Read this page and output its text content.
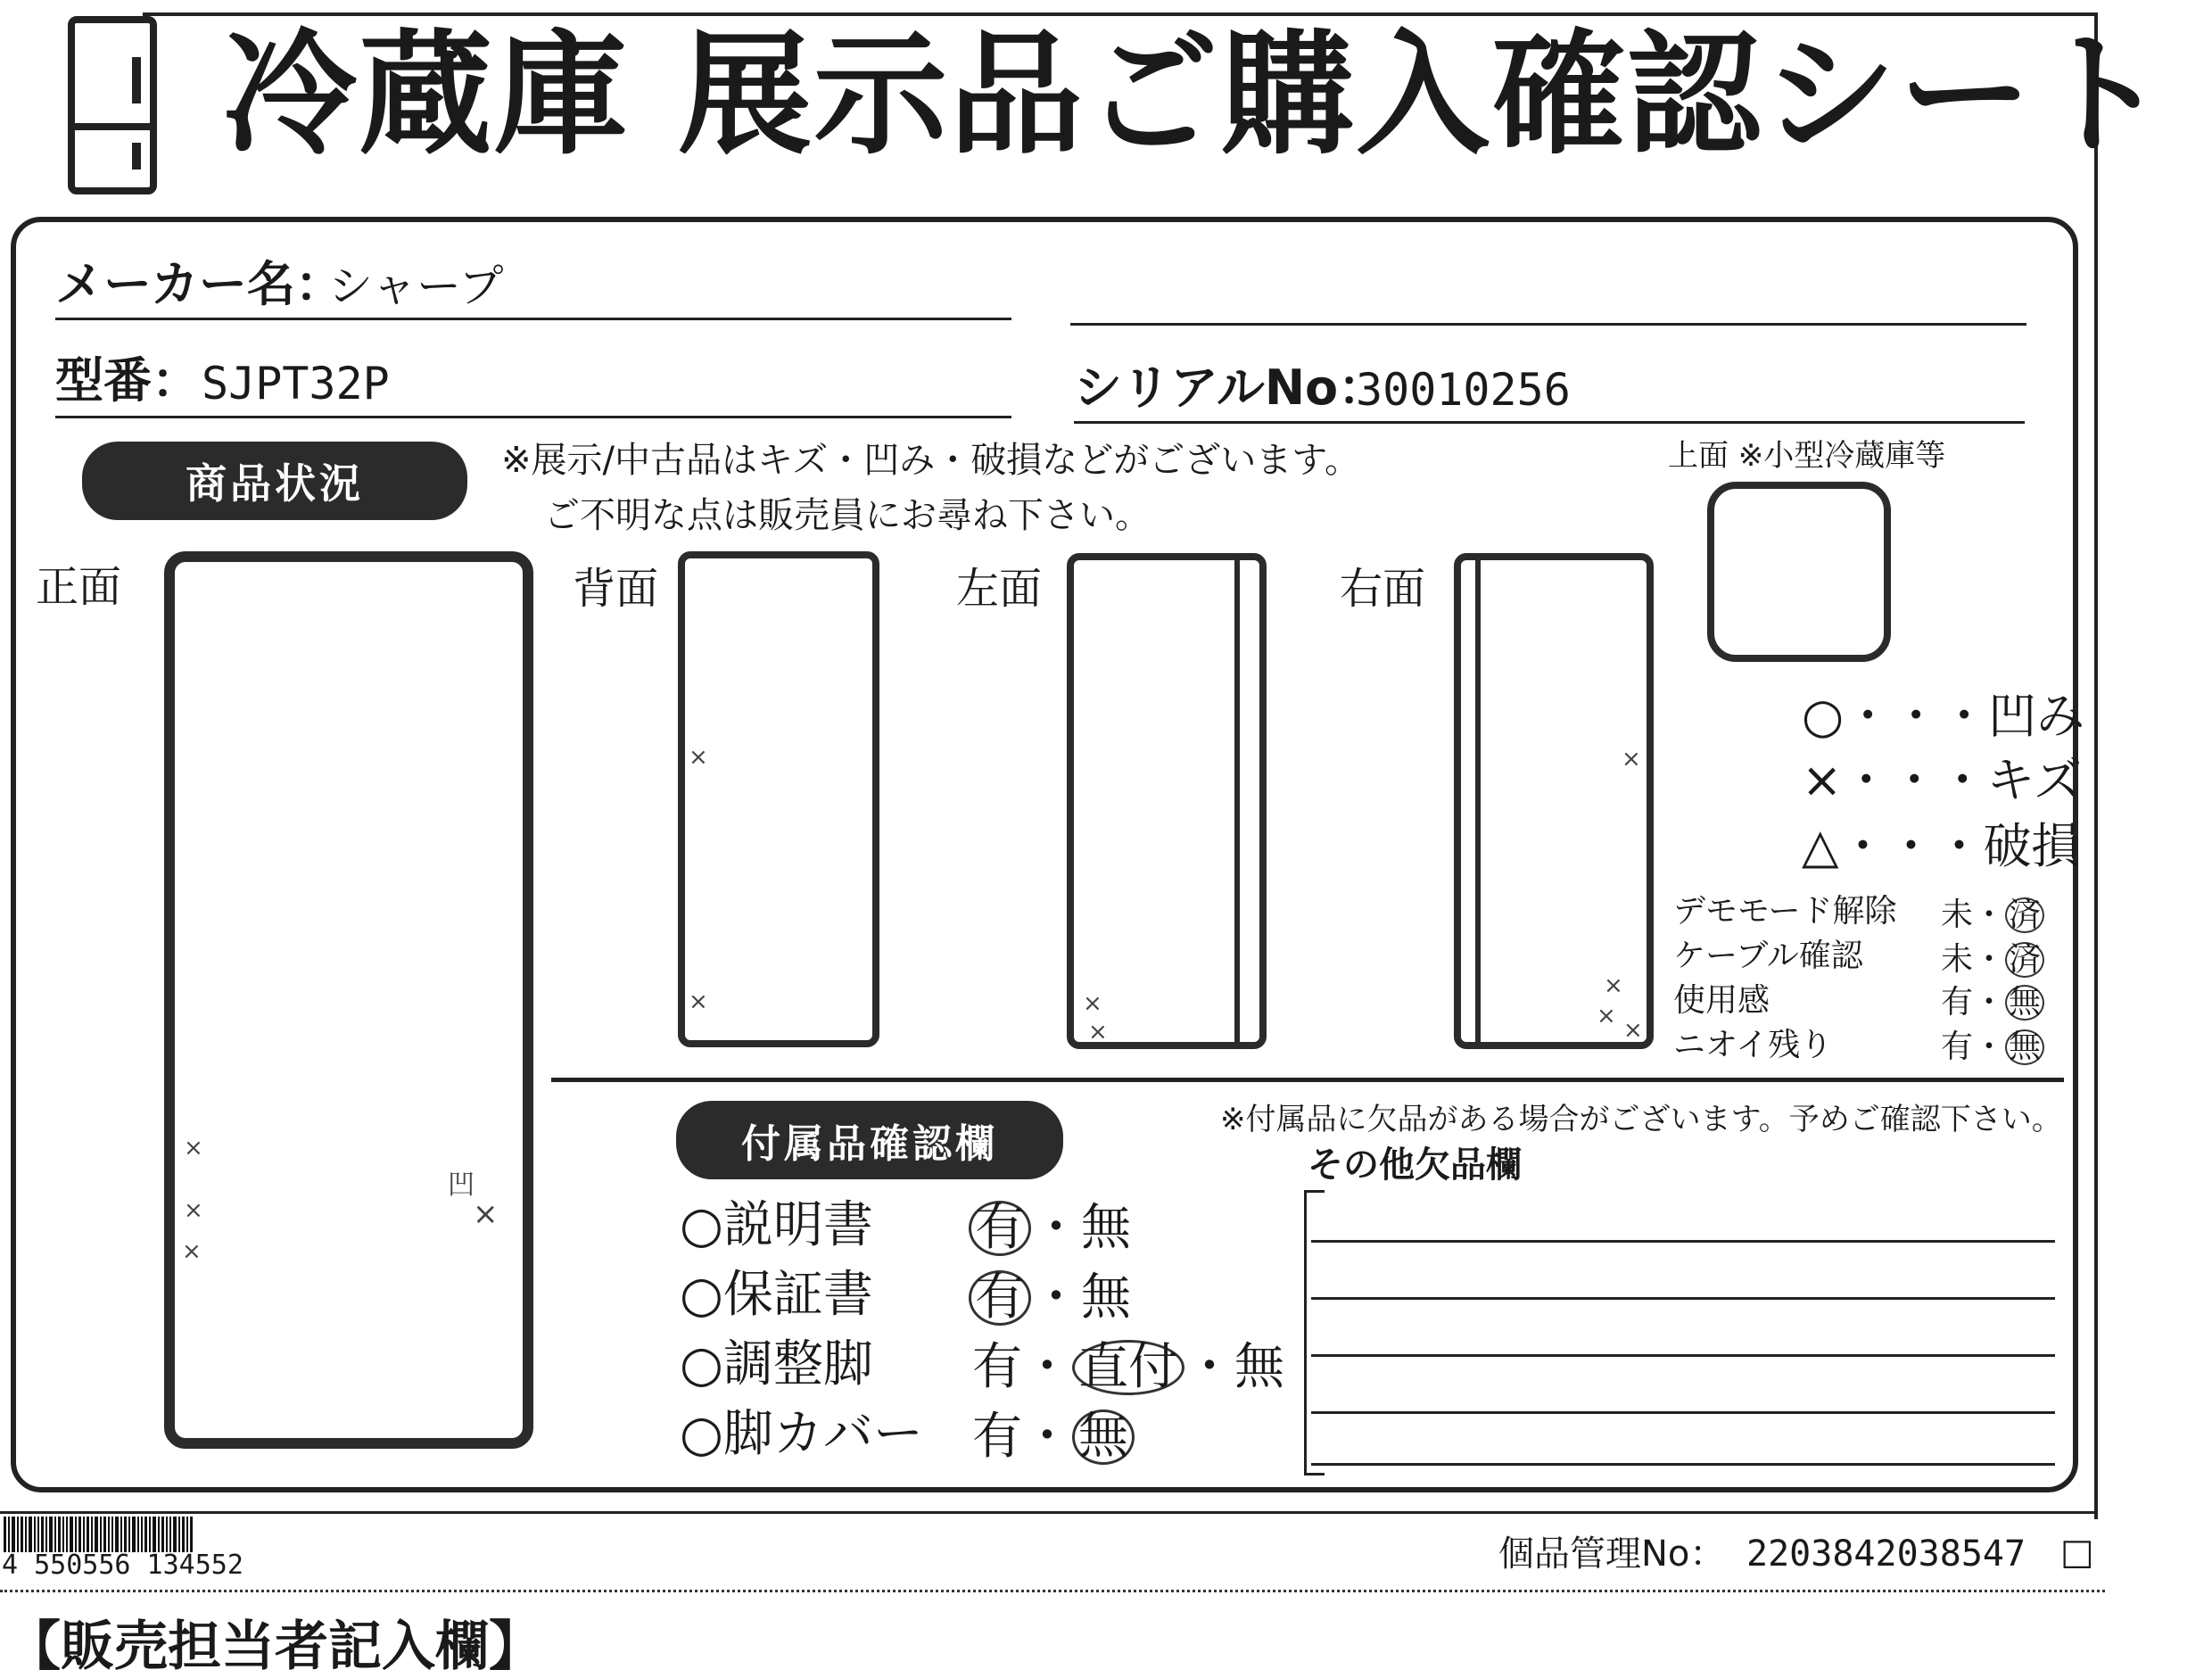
冷蔵庫 展示品ご購入確認シート
メーカー名：
シャープ
型番： SJPT32P	シリアルNo：
30010256
商品状況	※展示/中古品はキズ・凹み・破損などがございます。
ご不明な点は販売員にお尋ね下さい。
上面 ※小型冷蔵庫等
正面	背面	左面	右面
×
×
×
凹
×
×
×	×
×
×
×
×
×
○・・・凹み
×・・・キズ
△・・・破損
デモモード解除 未・ 済
ケーブル確認 未・ 済
使用感	有・ 無
ニオイ残り	有・ 無
付属品確認欄
※付属品に欠品がある場合がございます。予めご確認下さい。
その他欠品欄
○説明書 有 ・無
○保証書 有 ・無
○調整脚 有・ 直付 ・無
○脚カバー 有・ 無
4 550556 134552	個品管理No： 2203842038547 □
【販売担当者記入欄】
